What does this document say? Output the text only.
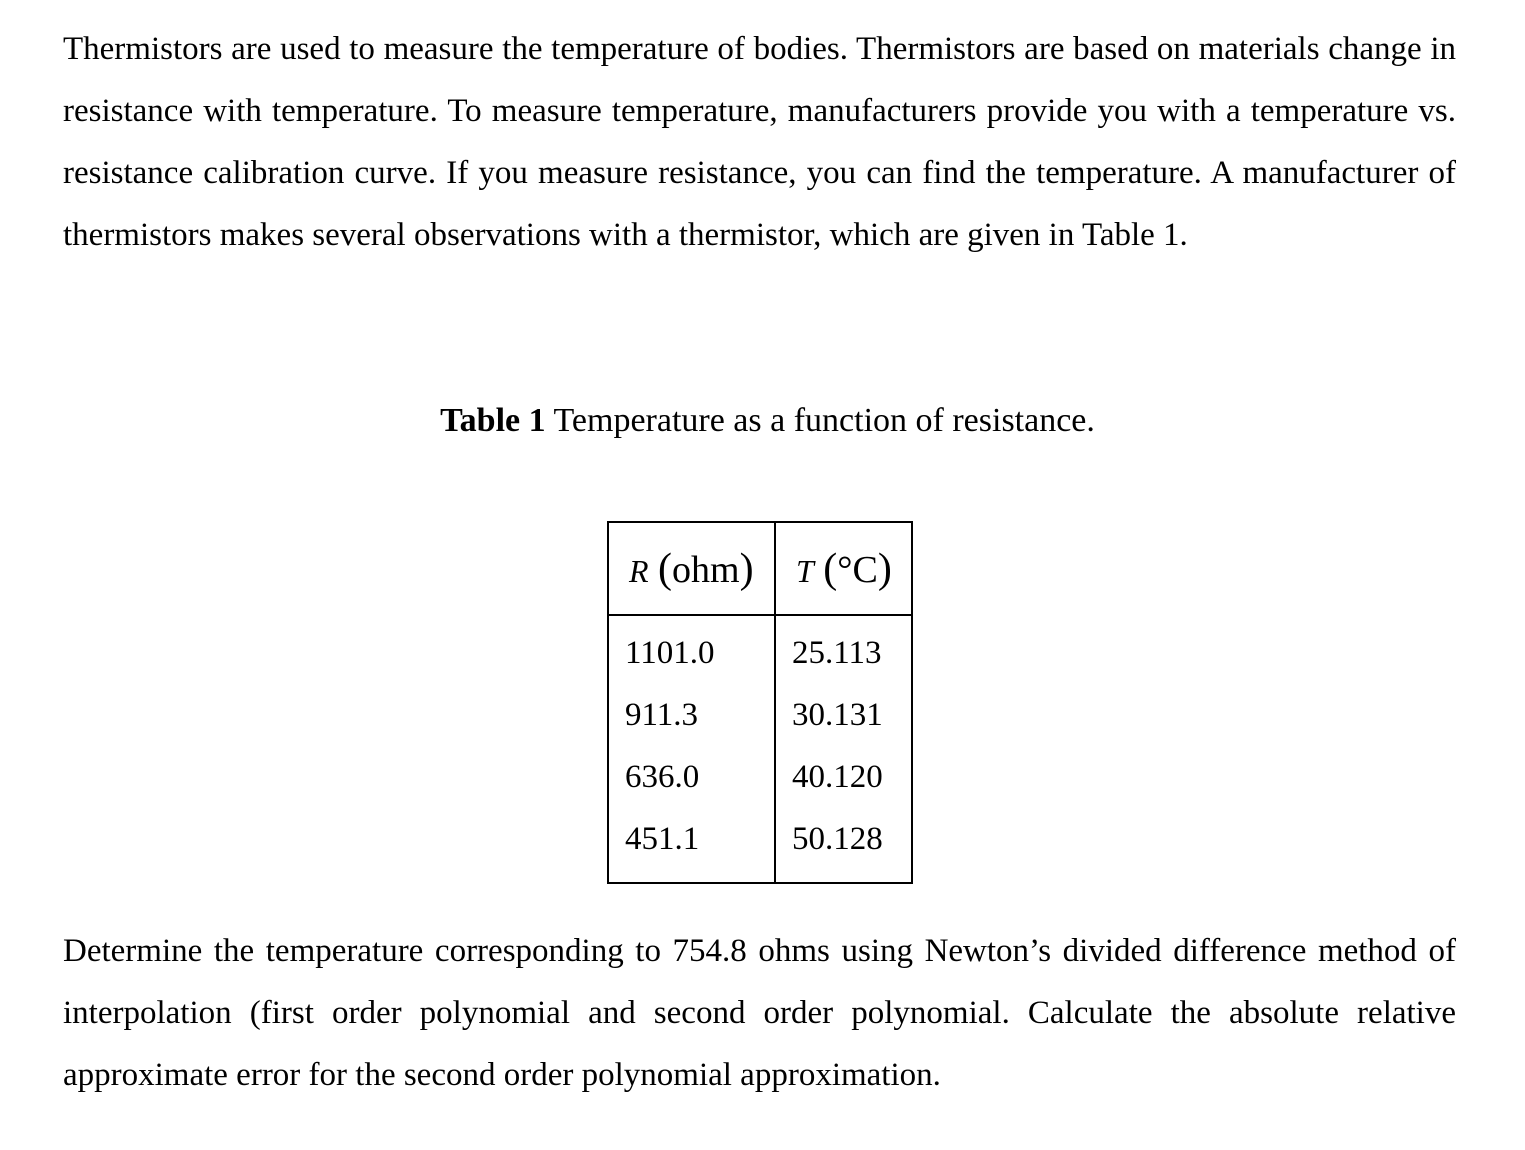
Thermistors are used to measure the temperature of bodies. Thermistors are based on materials change in resistance with temperature. To measure temperature, manufacturers provide you with a temperature vs. resistance calibration curve. If you measure resistance, you can find the temperature. A manufacturer of thermistors makes several observations with a thermistor, which are given in Table 1.

Table 1 Temperature as a function of resistance.

R (ohm)	T (°C)
1101.0	25.113
911.3	30.131
636.0	40.120
451.1	50.128

Determine the temperature corresponding to 754.8 ohms using Newton’s divided difference method of interpolation (first order polynomial and second order polynomial. Calculate the absolute relative approximate error for the second order polynomial approximation.
